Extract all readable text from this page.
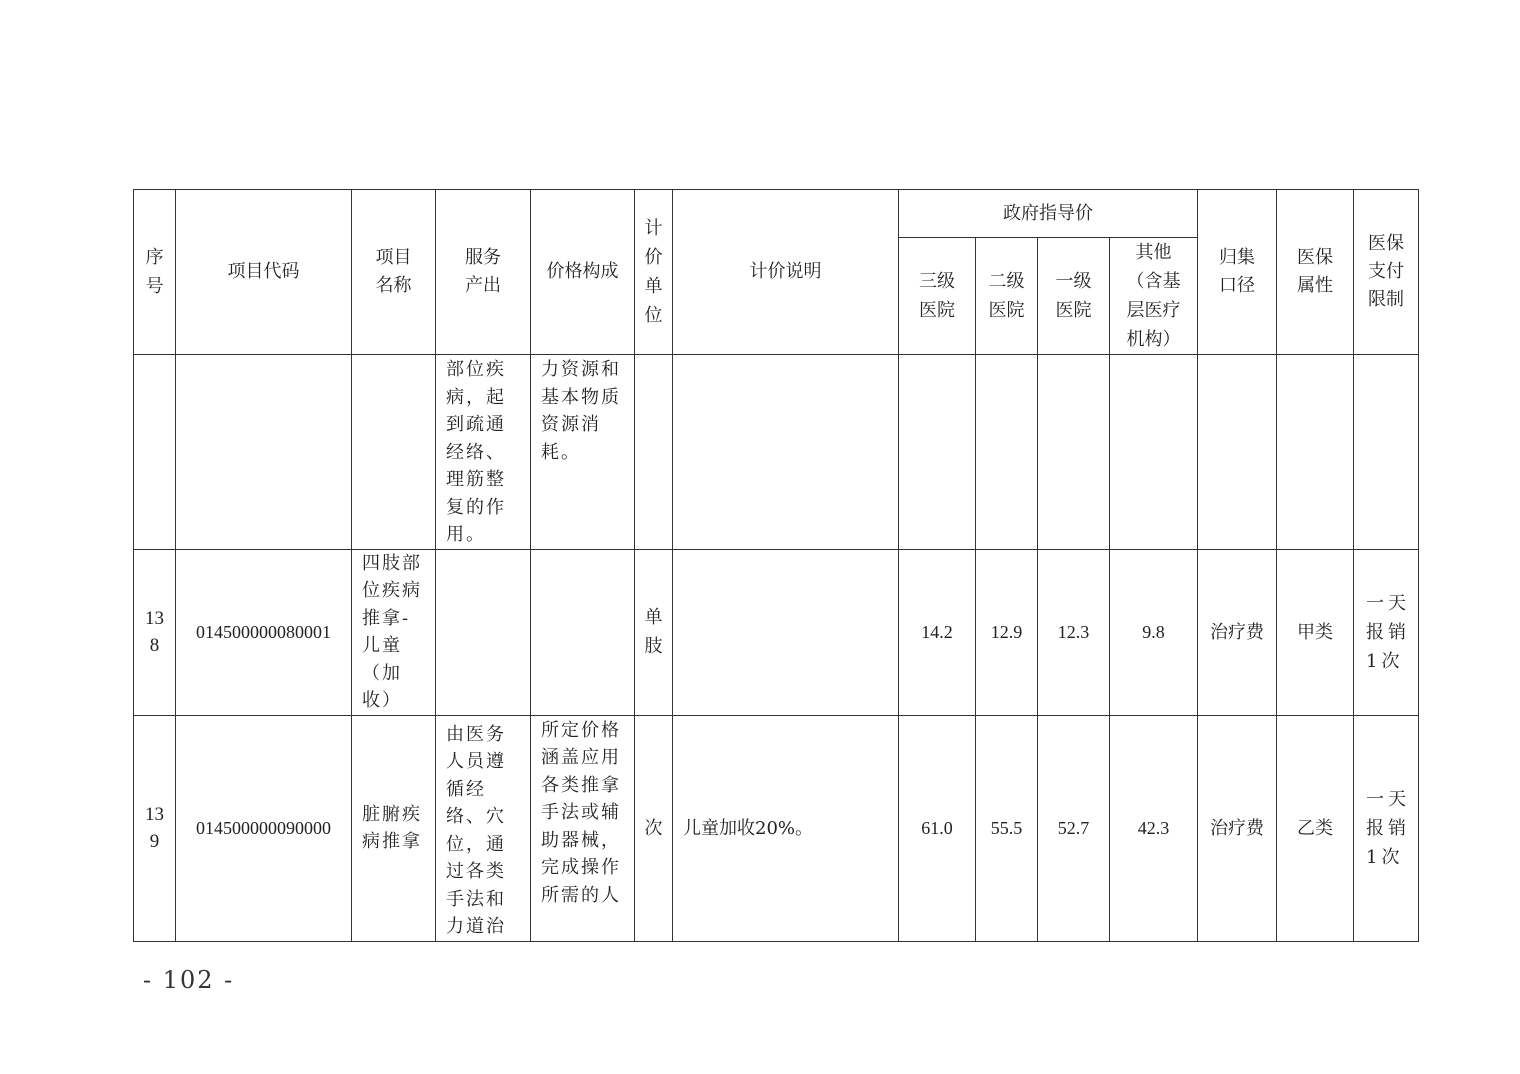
序号	项目代码	项目名称	服务产出	价格构成	计价单位	计价说明	政府指导价				归集口径	医保属性	医保支付限制
							三级医院	二级医院	一级医院	其他（含基层医疗机构）			

			部位疾病，起到疏通经络、理筋整复的作用。	力资源和基本物质资源消耗。									

138	014500000080001	四肢部位疾病推拿-儿童（加收）			单肢		14.2	12.9	12.3	9.8	治疗费	甲类	一天报销1次

139	014500000090000	脏腑疾病推拿	由医务人员遵循经络、穴位，通过各类手法和力道治	所定价格涵盖应用各类推拿手法或辅助器械，完成操作所需的人	次	儿童加收20%。	61.0	55.5	52.7	42.3	治疗费	乙类	一天报销1次
- 102 -
